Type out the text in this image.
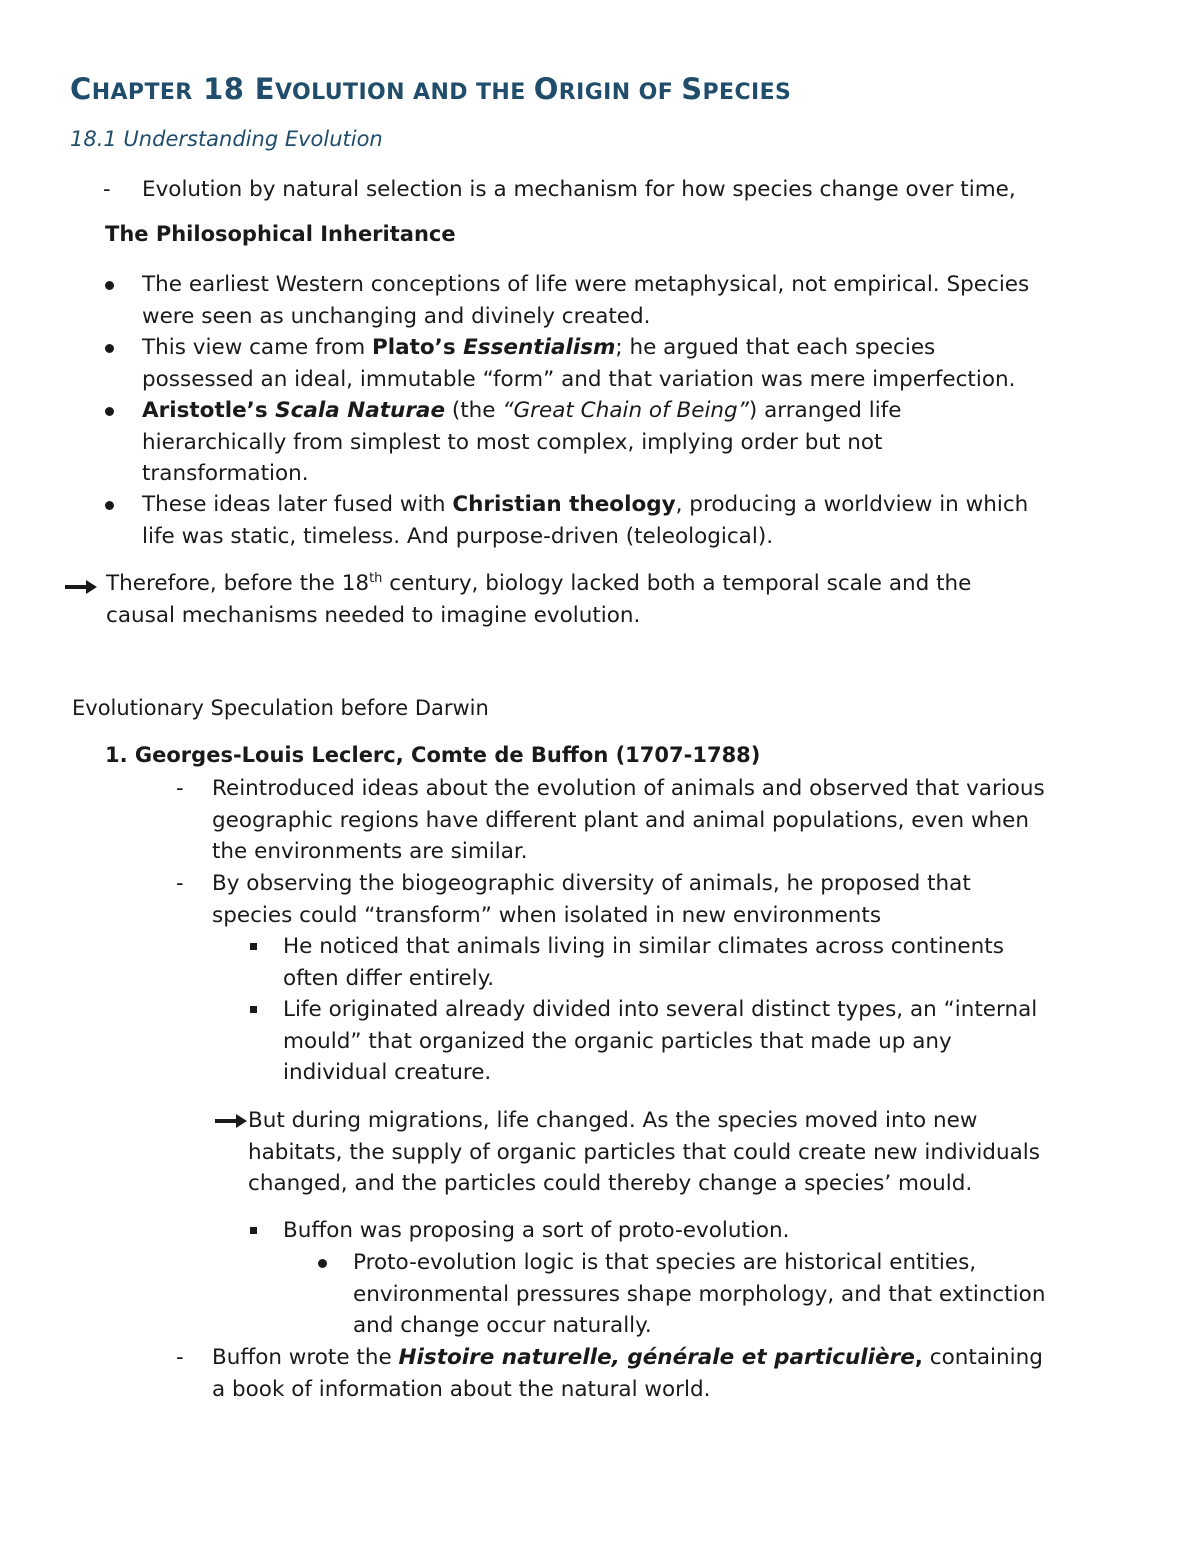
CHAPTER 18 EVOLUTION AND THE ORIGIN OF SPECIES
18.1 Understanding Evolution
- Evolution by natural selection is a mechanism for how species change over time,
The Philosophical Inheritance
The earliest Western conceptions of life were metaphysical, not empirical. Species
were seen as unchanging and divinely created.
This view came from Plato’s Essentialism; he argued that each species
possessed an ideal, immutable “form” and that variation was mere imperfection.
Aristotle’s Scala Naturae (the “Great Chain of Being”) arranged life
hierarchically from simplest to most complex, implying order but not
transformation.
These ideas later fused with Christian theology, producing a worldview in which
life was static, timeless. And purpose-driven (teleological).
Therefore, before the 18th century, biology lacked both a temporal scale and the
causal mechanisms needed to imagine evolution.
Evolutionary Speculation before Darwin
1. Georges-Louis Leclerc, Comte de Buffon (1707-1788)
- Reintroduced ideas about the evolution of animals and observed that various
geographic regions have different plant and animal populations, even when
the environments are similar.
- By observing the biogeographic diversity of animals, he proposed that
species could “transform” when isolated in new environments
He noticed that animals living in similar climates across continents
often differ entirely.
Life originated already divided into several distinct types, an “internal
mould” that organized the organic particles that made up any
individual creature.
But during migrations, life changed. As the species moved into new
habitats, the supply of organic particles that could create new individuals
changed, and the particles could thereby change a species’ mould.
Buffon was proposing a sort of proto-evolution.
Proto-evolution logic is that species are historical entities,
environmental pressures shape morphology, and that extinction
and change occur naturally.
- Buffon wrote the Histoire naturelle, générale et particulière, containing
a book of information about the natural world.
